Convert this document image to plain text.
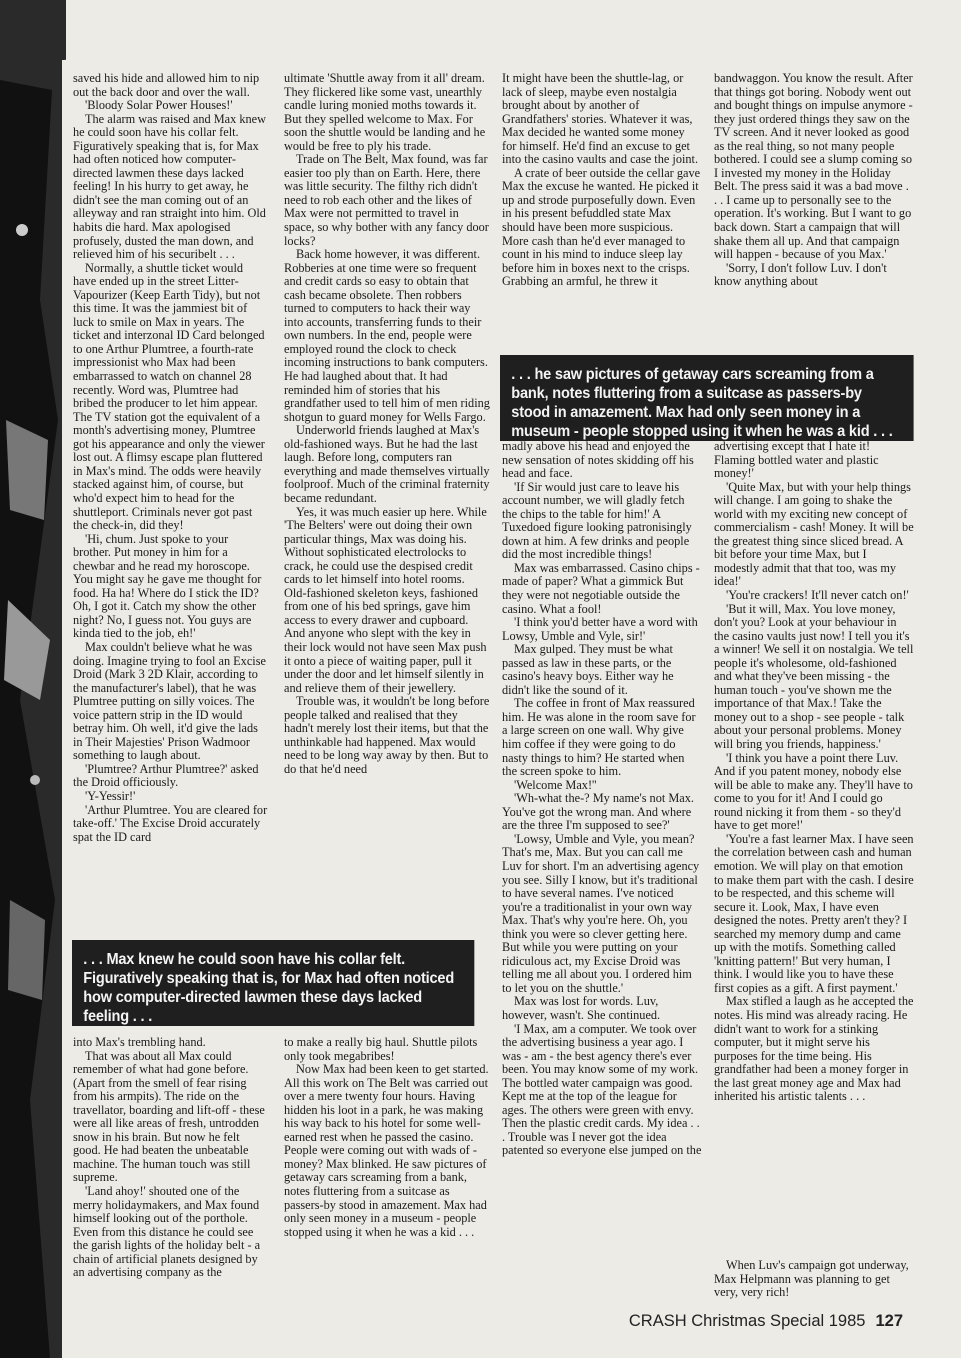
saved his hide and allowed him to nip out the back door and over the wall.

'Bloody Solar Power Houses!'

The alarm was raised and Max knew he could soon have his collar felt. Figuratively speaking that is, for Max had often noticed how computer-directed lawmen these days lacked feeling! In his hurry to get away, he didn't see the man coming out of an alleyway and ran straight into him. Old habits die hard. Max apologised profusely, dusted the man down, and relieved him of his securibelt . . .

Normally, a shuttle ticket would have ended up in the street Litter-Vapourizer (Keep Earth Tidy), but not this time. It was the jammiest bit of luck to smile on Max in years. The ticket and interzonal ID Card belonged to one Arthur Plumtree, a fourth-rate impressionist who Max had been embarrassed to watch on channel 28 recently. Word was, Plumtree had bribed the producer to let him appear. The TV station got the equivalent of a month's advertising money, Plumtree got his appearance and only the viewer lost out. A flimsy escape plan fluttered in Max's mind. The odds were heavily stacked against him, of course, but who'd expect him to head for the shuttleport. Criminals never got past the check-in, did they!

'Hi, chum. Just spoke to your brother. Put money in him for a chewbar and he read my horoscope. You might say he gave me thought for food. Ha ha! Where do I stick the ID? Oh, I got it. Catch my show the other night? No, I guess not. You guys are kinda tied to the job, eh!'

Max couldn't believe what he was doing. Imagine trying to fool an Excise Droid (Mark 3 2D Klair, according to the manufacturer's label), that he was Plumtree putting on silly voices. The voice pattern strip in the ID would betray him. Oh well, it'd give the lads in Their Majesties' Prison Wadmoor something to laugh about.

'Plumtree? Arthur Plumtree?' asked the Droid officiously.

'Y-Yessir!'

'Arthur Plumtree. You are cleared for take-off.' The Excise Droid accurately spat the ID card

ultimate 'Shuttle away from it all' dream. They flickered like some vast, unearthly candle luring monied moths towards it. But they spelled welcome to Max. For soon the shuttle would be landing and he would be free to ply his trade.

Trade on The Belt, Max found, was far easier too ply than on Earth. Here, there was little security. The filthy rich didn't need to rob each other and the likes of Max were not permitted to travel in space, so why bother with any fancy door locks?

Back home however, it was different. Robberies at one time were so frequent and credit cards so easy to obtain that cash became obsolete. Then robbers turned to computers to hack their way into accounts, transferring funds to their own numbers. In the end, people were employed round the clock to check incoming instructions to bank computers. He had laughed about that. It had reminded him of stories that his grandfather used to tell him of men riding shotgun to guard money for Wells Fargo.

Underworld friends laughed at Max's old-fashioned ways. But he had the last laugh. Before long, computers ran everything and made themselves virtually foolproof. Much of the criminal fraternity became redundant.

Yes, it was much easier up here. While 'The Belters' were out doing their own particular things, Max was doing his. Without sophisticated electrolocks to crack, he could use the despised credit cards to let himself into hotel rooms. Old-fashioned skeleton keys, fashioned from one of his bed springs, gave him access to every drawer and cupboard. And anyone who slept with the key in their lock would not have seen Max push it onto a piece of waiting paper, pull it under the door and let himself silently in and relieve them of their jewellery.

Trouble was, it wouldn't be long before people talked and realised that they hadn't merely lost their items, but that the unthinkable had happened. Max would need to be long way away by then. But to do that he'd need

It might have been the shuttle-lag, or lack of sleep, maybe even nostalgia brought about by another of Grandfathers' stories. Whatever it was, Max decided he wanted some money for himself. He'd find an excuse to get into the casino vaults and case the joint.

A crate of beer outside the cellar gave Max the excuse he wanted. He picked it up and strode purposefully down. Even in his present befuddled state Max should have been more suspicious. More cash than he'd ever managed to count in his mind to induce sleep lay before him in boxes next to the crisps. Grabbing an armful, he threw it

bandwaggon. You know the result. After that things got boring. Nobody went out and bought things on impulse anymore - they just ordered things they saw on the TV screen. And it never looked as good as the real thing, so not many people bothered. I could see a slump coming so I invested my money in the Holiday Belt. The press said it was a bad move . . . I came up to personally see to the operation. It's working. But I want to go back down. Start a campaign that will shake them all up. And that campaign will happen - because of you Max.'

'Sorry, I don't follow Luv. I don't know anything about

. . . he saw pictures of getaway cars screaming from a bank, notes fluttering from a suitcase as passers-by stood in amazement. Max had only seen money in a museum - people stopped using it when he was a kid . . .

madly above his head and enjoyed the new sensation of notes skidding off his head and face.

'If Sir would just care to leave his account number, we will gladly fetch the chips to the table for him!' A Tuxedoed figure looking patronisingly down at him. A few drinks and people did the most incredible things!

Max was embarrassed. Casino chips - made of paper? What a gimmick But they were not negotiable outside the casino. What a fool!

'I think you'd better have a word with Lowsy, Umble and Vyle, sir!'

Max gulped. They must be what passed as law in these parts, or the casino's heavy boys. Either way he didn't like the sound of it.

The coffee in front of Max reassured him. He was alone in the room save for a large screen on one wall. Why give him coffee if they were going to do nasty things to him? He started when the screen spoke to him.

'Welcome Max!''

'Wh-what the-? My name's not Max. You've got the wrong man. And where are the three I'm supposed to see?'

'Lowsy, Umble and Vyle, you mean? That's me, Max. But you can call me Luv for short. I'm an advertising agency you see. Silly I know, but it's traditional to have several names. I've noticed you're a traditionalist in your own way Max. That's why you're here. Oh, you think you were so clever getting here. But while you were putting on your ridiculous act, my Excise Droid was telling me all about you. I ordered him to let you on the shuttle.'

Max was lost for words. Luv, however, wasn't. She continued.

'I Max, am a computer. We took over the advertising business a year ago. I was - am - the best agency there's ever been. You may know some of my work. The bottled water campaign was good. Kept me at the top of the league for ages. The others were green with envy. Then the plastic credit cards. My idea . . . Trouble was I never got the idea patented so everyone else jumped on the

advertising except that I hate it! Flaming bottled water and plastic money!'

'Quite Max, but with your help things will change. I am going to shake the world with my exciting new concept of commercialism - cash! Money. It will be the greatest thing since sliced bread. A bit before your time Max, but I modestly admit that that too, was my idea!'

'You're crackers! It'll never catch on!'

'But it will, Max. You love money, don't you? Look at your behaviour in the casino vaults just now! I tell you it's a winner! We sell it on nostalgia. We tell people it's wholesome, old-fashioned and what they've been missing - the human touch - you've shown me the importance of that Max.! Take the money out to a shop - see people - talk about your personal problems. Money will bring you friends, happiness.'

'I think you have a point there Luv. And if you patent money, nobody else will be able to make any. They'll have to come to you for it! And I could go round nicking it from them - so they'd have to get more!'

'You're a fast learner Max. I have seen the correlation between cash and human emotion. We will play on that emotion to make them part with the cash. I desire to be respected, and this scheme will secure it. Look, Max, I have even designed the notes. Pretty aren't they? I searched my memory dump and came up with the motifs. Something called 'knitting pattern!' But very human, I think. I would like you to have these first copies as a gift. A first payment.'

Max stifled a laugh as he accepted the notes. His mind was already racing. He didn't want to work for a stinking computer, but it might serve his purposes for the time being. His grandfather had been a money forger in the last great money age and Max had inherited his artistic talents . . .

When Luv's campaign got underway, Max Helpmann was planning to get very, very rich!

. . . Max knew he could soon have his collar felt. Figuratively speaking that is, for Max had often noticed how computer-directed lawmen these days lacked feeling . . .

into Max's trembling hand.

That was about all Max could remember of what had gone before. (Apart from the smell of fear rising from his armpits). The ride on the travellator, boarding and lift-off - these were all like areas of fresh, untrodden snow in his brain. But now he felt good. He had beaten the unbeatable machine. The human touch was still supreme.

'Land ahoy!' shouted one of the merry holidaymakers, and Max found himself looking out of the porthole. Even from this distance he could see the garish lights of the holiday belt - a chain of artificial planets designed by an advertising company as the

to make a really big haul. Shuttle pilots only took megabribes!

Now Max had been keen to get started. All this work on The Belt was carried out over a mere twenty four hours. Having hidden his loot in a park, he was making his way back to his hotel for some well-earned rest when he passed the casino. People were coming out with wads of - money? Max blinked. He saw pictures of getaway cars screaming from a bank, notes fluttering from a suitcase as passers-by stood in amazement. Max had only seen money in a museum - people stopped using it when he was a kid . . .

CRASH Christmas Special 1985 127
